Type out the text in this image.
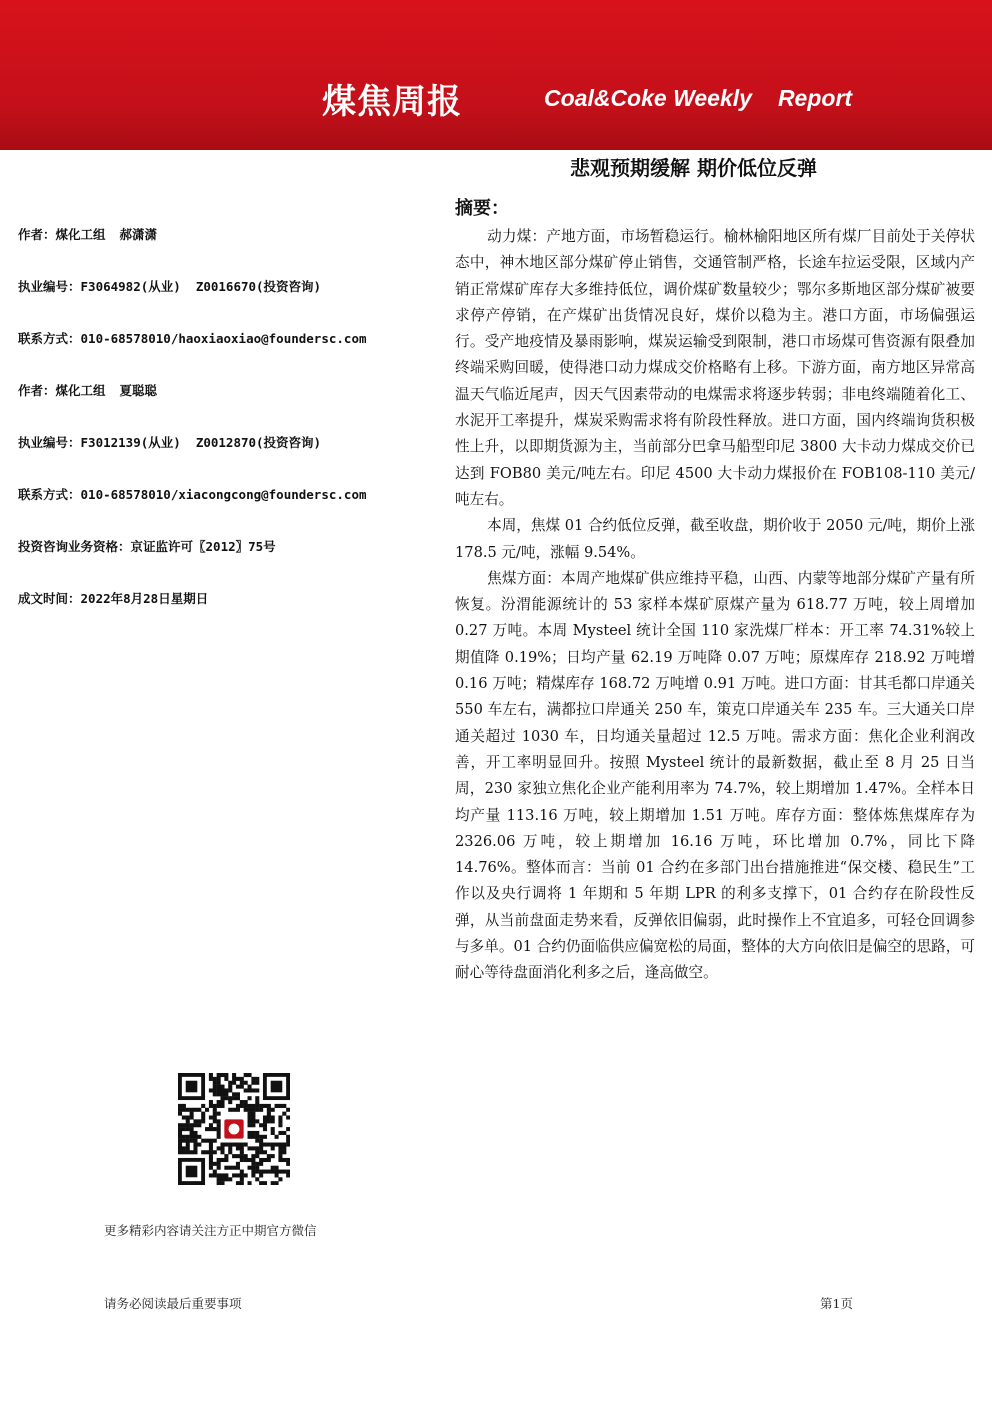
煤焦周报	Coal&Coke Weekly Report
悲观预期缓解 期价低位反弹
作者：煤化工组 郝潇潇
执业编号：F3064982(从业)  Z0016670(投资咨询)
联系方式：010-68578010/haoxiaoxiao@foundersc.com
作者：煤化工组 夏聪聪
执业编号：F3012139(从业)  Z0012870(投资咨询)
联系方式：010-68578010/xiacongcong@foundersc.com
投资咨询业务资格：京证监许可〖2012〗75号
成文时间：2022年8月28日星期日
摘要：

动力煤：产地方面，市场暂稳运行。榆林榆阳地区所有煤厂目前处于关停状态中，神木地区部分煤矿停止销售，交通管制严格，长途车拉运受限，区域内产销正常煤矿库存大多维持低位，调价煤矿数量较少；鄂尔多斯地区部分煤矿被要求停产停销，在产煤矿出货情况良好，煤价以稳为主。港口方面，市场偏强运行。受产地疫情及暴雨影响，煤炭运输受到限制，港口市场煤可售资源有限叠加终端采购回暖，使得港口动力煤成交价格略有上移。下游方面，南方地区异常高温天气临近尾声，因天气因素带动的电煤需求将逐步转弱；非电终端随着化工、水泥开工率提升，煤炭采购需求将有阶段性释放。进口方面，国内终端询货积极性上升，以即期货源为主，当前部分巴拿马船型印尼 3800 大卡动力煤成交价已达到 FOB80 美元/吨左右。印尼 4500 大卡动力煤报价在 FOB108-110 美元/吨左右。

本周，焦煤 01 合约低位反弹，截至收盘，期价收于 2050 元/吨，期价上涨 178.5 元/吨，涨幅 9.54%。

焦煤方面：本周产地煤矿供应维持平稳，山西、内蒙等地部分煤矿产量有所恢复。汾渭能源统计的 53 家样本煤矿原煤产量为 618.77 万吨，较上周增加 0.27 万吨。本周 Mysteel 统计全国 110 家洗煤厂样本：开工率 74.31%较上期值降 0.19%；日均产量 62.19 万吨降 0.07 万吨；原煤库存 218.92 万吨增 0.16 万吨；精煤库存 168.72 万吨增 0.91 万吨。进口方面：甘其毛都口岸通关 550 车左右，满都拉口岸通关 250 车，策克口岸通关车 235 车。三大通关口岸通关超过 1030 车，日均通关量超过 12.5 万吨。需求方面：焦化企业利润改善，开工率明显回升。按照 Mysteel 统计的最新数据，截止至 8 月 25 日当周，230 家独立焦化企业产能利用率为 74.7%，较上期增加 1.47%。全样本日均产量 113.16 万吨，较上期增加 1.51 万吨。库存方面：整体炼焦煤库存为 2326.06 万吨，较上期增加 16.16 万吨，环比增加 0.7%，同比下降 14.76%。整体而言：当前 01 合约在多部门出台措施推进“保交楼、稳民生”工作以及央行调将 1 年期和 5 年期 LPR 的利多支撑下，01 合约存在阶段性反弹，从当前盘面走势来看，反弹依旧偏弱，此时操作上不宜追多，可轻仓回调参与多单。01 合约仍面临供应偏宽松的局面，整体的大方向依旧是偏空的思路，可耐心等待盘面消化利多之后，逢高做空。

更多精彩内容请关注方正中期官方微信
请务必阅读最后重要事项	第1页
